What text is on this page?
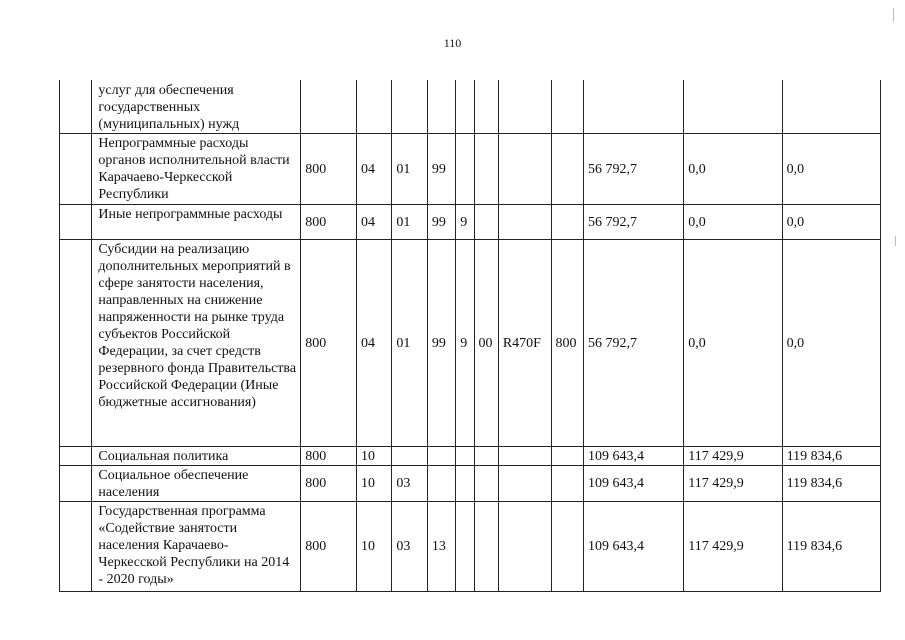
110
	услуг для обеспечения государственных (муниципальных) нужд											
	Непрограммные расходы органов исполнительной власти Карачаево-Черкесской Республики	800	04	01	99					56 792,7	0,0	0,0
	Иные непрограммные расходы	800	04	01	99	9				56 792,7	0,0	0,0
	Субсидии на реализацию дополнительных мероприятий в сфере занятости населения, направленных на снижение напряженности на рынке труда субъектов Российской Федерации, за счет средств резервного фонда Правительства Российской Федерации (Иные бюджетные ассигнования)	800	04	01	99	9	00	R470F	800	56 792,7	0,0	0,0
	Социальная политика	800	10							109 643,4	117 429,9	119 834,6
	Социальное обеспечение населения	800	10	03						109 643,4	117 429,9	119 834,6
	Государственная программа «Содействие занятости населения Карачаево-Черкесской Республики на 2014 - 2020 годы»	800	10	03	13					109 643,4	117 429,9	119 834,6
